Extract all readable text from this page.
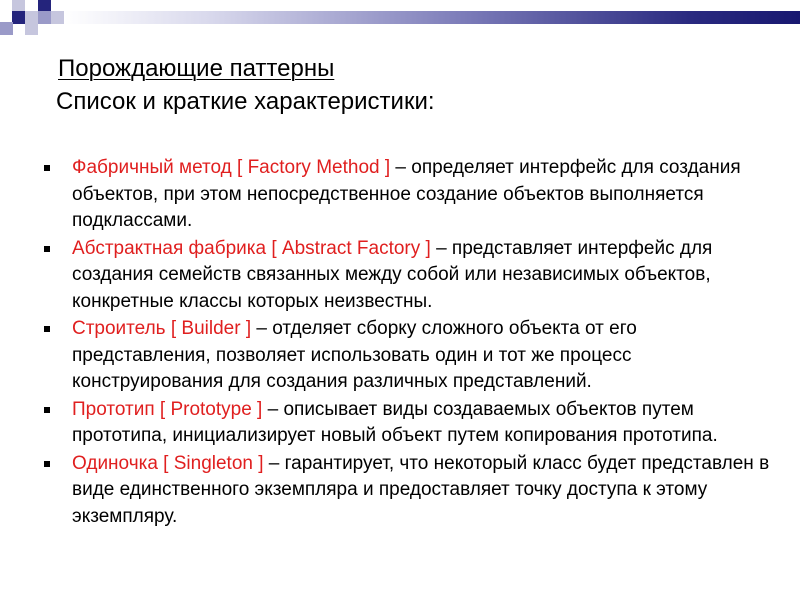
Порождающие паттерны
Список и краткие характеристики:
Фабричный метод [ Factory Method ] – определяет интерфейс для создания объектов, при этом непосредственное создание объектов выполняется подклассами.
Абстрактная фабрика [ Abstract Factory ] – представляет интерфейс для создания семейств связанных между собой или независимых объектов, конкретные классы которых неизвестны.
Строитель [ Builder ] – отделяет сборку сложного объекта от его представления, позволяет использовать один и тот же процесс конструирования для создания различных представлений.
Прототип [ Prototype ] – описывает виды создаваемых объектов путем прототипа, инициализирует новый объект путем копирования прототипа.
Одиночка [ Singleton ] – гарантирует, что некоторый класс будет представлен в виде единственного экземпляра и предоставляет точку доступа к этому экземпляру.
